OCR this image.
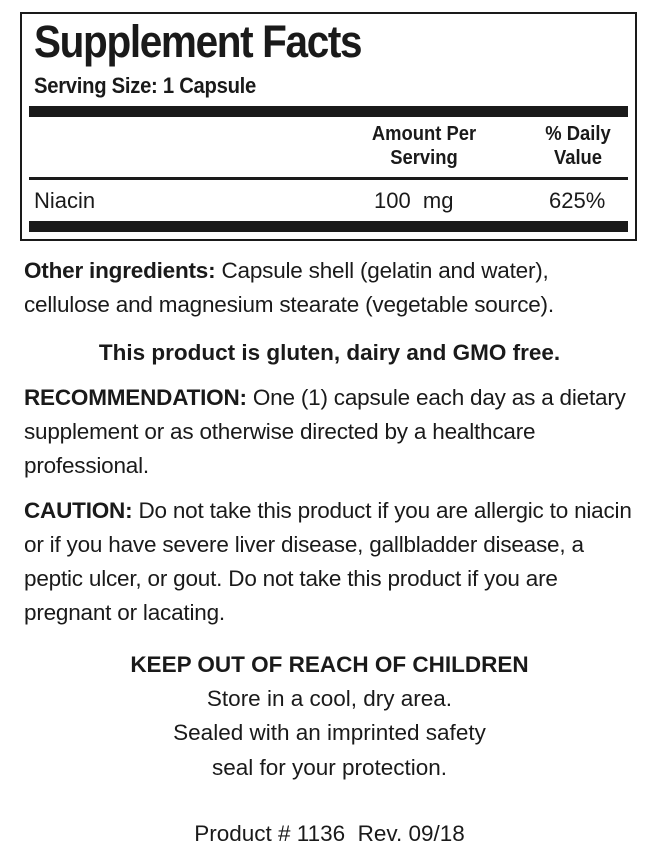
Supplement Facts
Serving Size: 1 Capsule
Amount Per
Serving
% Daily
Value
Niacin	100  mg	625%
Other ingredients: Capsule shell (gelatin and water), cellulose and magnesium stearate (vegetable source).
This product is gluten, dairy and GMO free.
RECOMMENDATION: One (1) capsule each day as a dietary supplement or as otherwise directed by a healthcare professional.
CAUTION: Do not take this product if you are allergic to niacin or if you have severe liver disease, gallbladder disease, a peptic ulcer, or gout. Do not take this product if you are pregnant or lacating.
KEEP OUT OF REACH OF CHILDREN
Store in a cool, dry area.
Sealed with an imprinted safety
seal for your protection.
Product # 1136  Rev. 09/18
